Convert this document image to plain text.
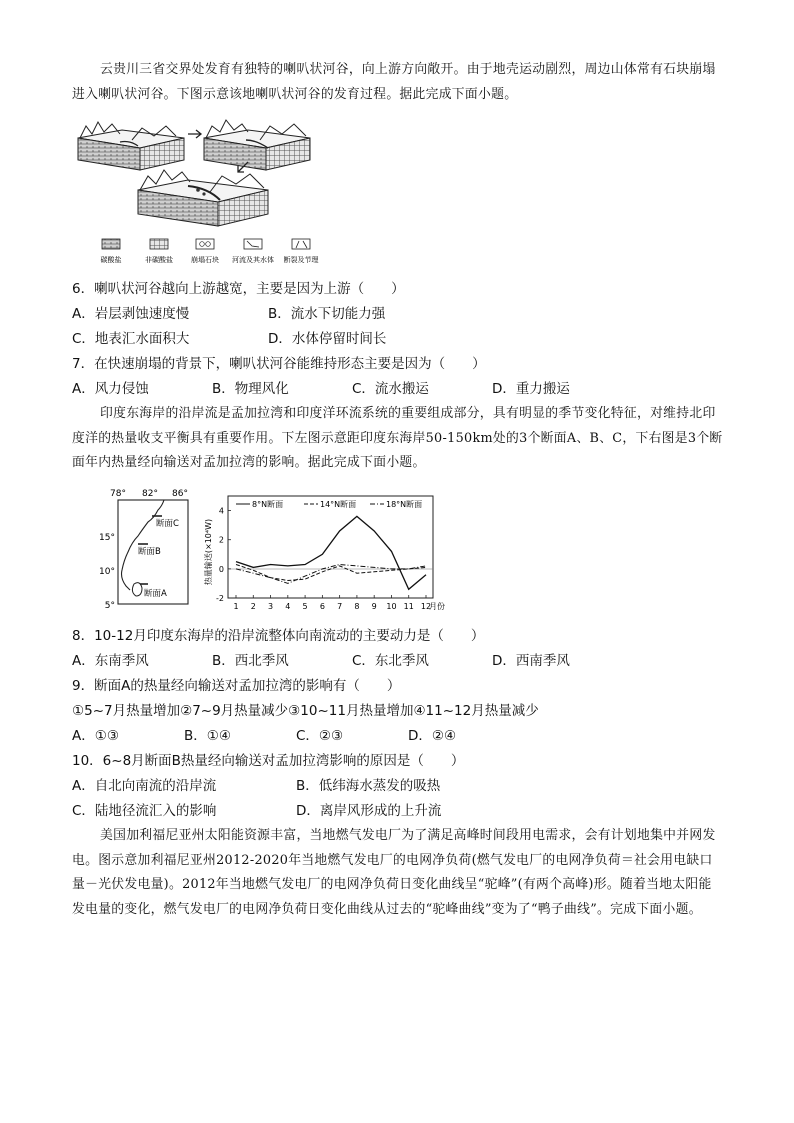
云贵川三省交界处发育有独特的喇叭状河谷，向上游方向敞开。由于地壳运动剧烈，周边山体常有石块崩塌进入喇叭状河谷。下图示意该地喇叭状河谷的发育过程。据此完成下面小题。
碳酸盐	非碳酸盐	崩塌石块 河流及其水体 断裂及节理
6．喇叭状河谷越向上游越宽，主要是因为上游（　　）
A．岩层剥蚀速度慢	B．流水下切能力强
C．地表汇水面积大	D．水体停留时间长
7．在快速崩塌的背景下，喇叭状河谷能维持形态主要是因为（　　）
A．风力侵蚀	B．物理风化	C．流水搬运	D．重力搬运
印度东海岸的沿岸流是孟加拉湾和印度洋环流系统的重要组成部分，具有明显的季节变化特征，对维持北印度洋的热量收支平衡具有重要作用。下左图示意距印度东海岸50-150km处的3个断面A、B、C，下右图是3个断面年内热量经向输送对孟加拉湾的影响。据此完成下面小题。
78° 82° 86°
15°
10°
5°
断面C
断面B
断面A
热量输送(×10⁴W)
-2
0
2
4
1 2 3 4 5 6 7 8 9 10 11 12
8°N断面	14°N断面	18°N断面
月份
8．10-12月印度东海岸的沿岸流整体向南流动的主要动力是（　　）
A．东南季风	B．西北季风	C．东北季风	D．西南季风
9．断面A的热量经向输送对孟加拉湾的影响有（　　）
①5~7月热量增加②7~9月热量减少③10~11月热量增加④11~12月热量减少
A．①③	B．①④	C．②③	D．②④
10．6~8月断面B热量经向输送对孟加拉湾影响的原因是（　　）
A．自北向南流的沿岸流	B．低纬海水蒸发的吸热
C．陆地径流汇入的影响	D．离岸风形成的上升流
美国加利福尼亚州太阳能资源丰富，当地燃气发电厂为了满足高峰时间段用电需求，会有计划地集中并网发电。图示意加利福尼亚州2012-2020年当地燃气发电厂的电网净负荷(燃气发电厂的电网净负荷＝社会用电缺口量－光伏发电量)。2012年当地燃气发电厂的电网净负荷日变化曲线呈“驼峰”(有两个高峰)形。随着当地太阳能发电量的变化，燃气发电厂的电网净负荷日变化曲线从过去的“驼峰曲线”变为了“鸭子曲线”。完成下面小题。
